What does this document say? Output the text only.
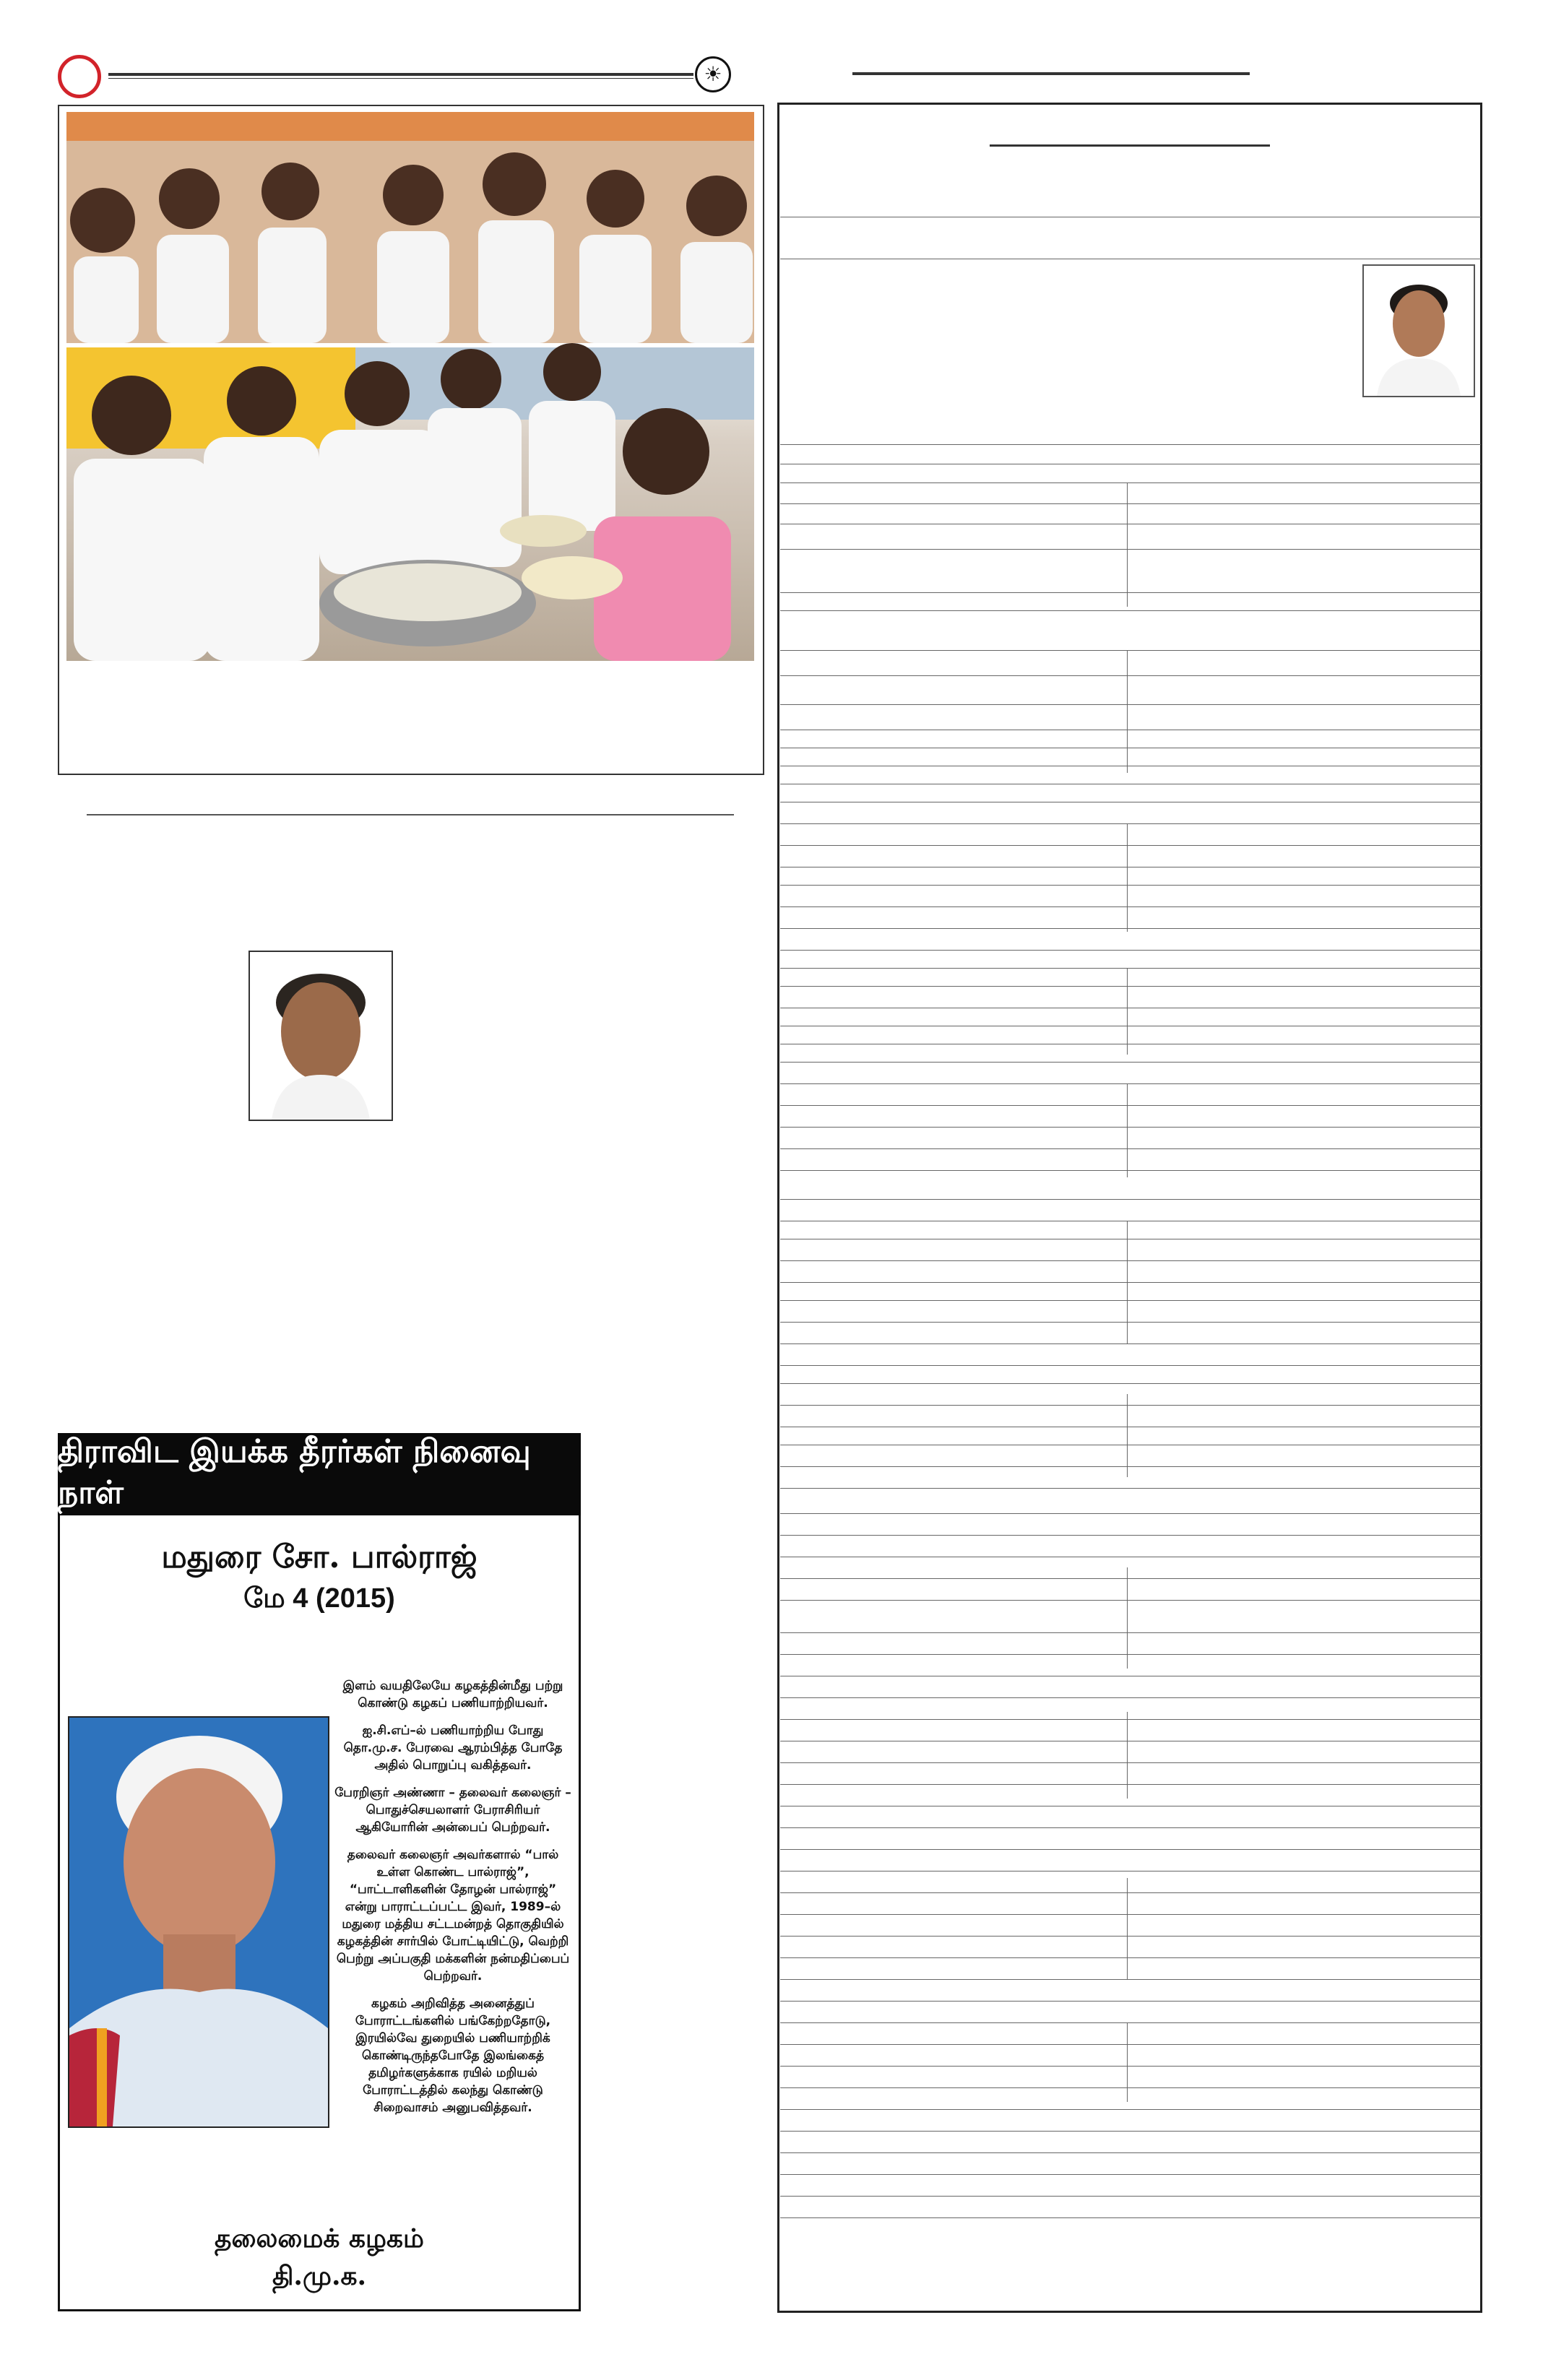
☀
திராவிட இயக்க தீரர்கள் நினைவு நாள்
மதுரை சோ. பால்ராஜ்
மே 4 (2015)

இளம் வயதிலேயே கழகத்தின்மீது பற்று கொண்டு கழகப் பணியாற்றியவர்.

ஐ.சி.எப்–ல் பணியாற்றிய போது தொ.மு.ச. பேரவை ஆரம்பித்த போதே அதில் பொறுப்பு வகித்தவர்.

பேரறிஞர் அண்ணா – தலைவர் கலைஞர் –பொதுச்செயலாளர் பேராசிரியர் ஆகியோரின் அன்பைப் பெற்றவர்.

தலைவர் கலைஞர் அவர்களால் “பால் உள்ள கொண்ட பால்ராஜ்”, “பாட்டாளிகளின் தோழன் பால்ராஜ்” என்று பாராட்டப்பட்ட இவர், 1989–ல் மதுரை மத்திய சட்டமன்றத் தொகுதியில் கழகத்தின் சார்பில் போட்டியிட்டு, வெற்றி பெற்று அப்பகுதி மக்களின் நன்மதிப்பைப் பெற்றவர்.

கழகம் அறிவித்த அனைத்துப் போராட்டங்களில் பங்கேற்றதோடு, இரயில்வே துறையில் பணியாற்றிக் கொண்டிருந்தபோதே இலங்கைத் தமிழர்களுக்காக ரயில் மறியல் போராட்டத்தில் கலந்து கொண்டு சிறைவாசம் அனுபவித்தவர்.

தலைமைக் கழகம்
தி.மு.க.
